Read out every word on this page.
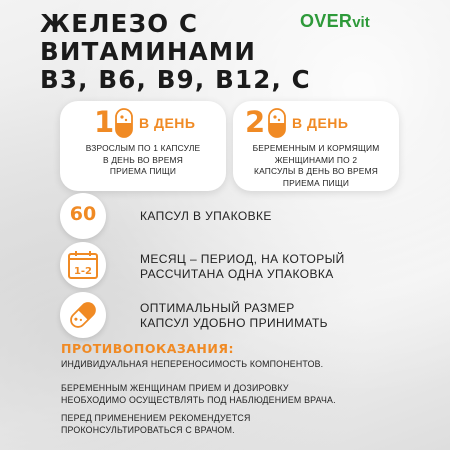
ЖЕЛЕЗО С
ВИТАМИНАМИ
B3, B6, B9, B12, C
OVERvit
1 В ДЕНЬ
ВЗРОСЛЫМ ПО 1 КАПСУЛЕ
В ДЕНЬ ВО ВРЕМЯ
ПРИЕМА ПИЩИ
2 В ДЕНЬ
БЕРЕМЕННЫМ И КОРМЯЩИМ
ЖЕНЩИНАМИ ПО 2
КАПСУЛЫ В ДЕНЬ ВО ВРЕМЯ
ПРИЕМА ПИЩИ
60	КАПСУЛ В УПАКОВКЕ
1-2
МЕСЯЦ – ПЕРИОД, НА КОТОРЫЙ
РАССЧИТАНА ОДНА УПАКОВКА
ОПТИМАЛЬНЫЙ РАЗМЕР
КАПСУЛ УДОБНО ПРИНИМАТЬ
ПРОТИВОПОКАЗАНИЯ:
ИНДИВИДУАЛЬНАЯ НЕПЕРЕНОСИМОСТЬ КОМПОНЕНТОВ.
БЕРЕМЕННЫМ ЖЕНЩИНАМ ПРИЕМ И ДОЗИРОВКУ
НЕОБХОДИМО ОСУЩЕСТВЛЯТЬ ПОД НАБЛЮДЕНИЕМ ВРАЧА.
ПЕРЕД ПРИМЕНЕНИЕМ РЕКОМЕНДУЕТСЯ
ПРОКОНСУЛЬТИРОВАТЬСЯ С ВРАЧОМ.
